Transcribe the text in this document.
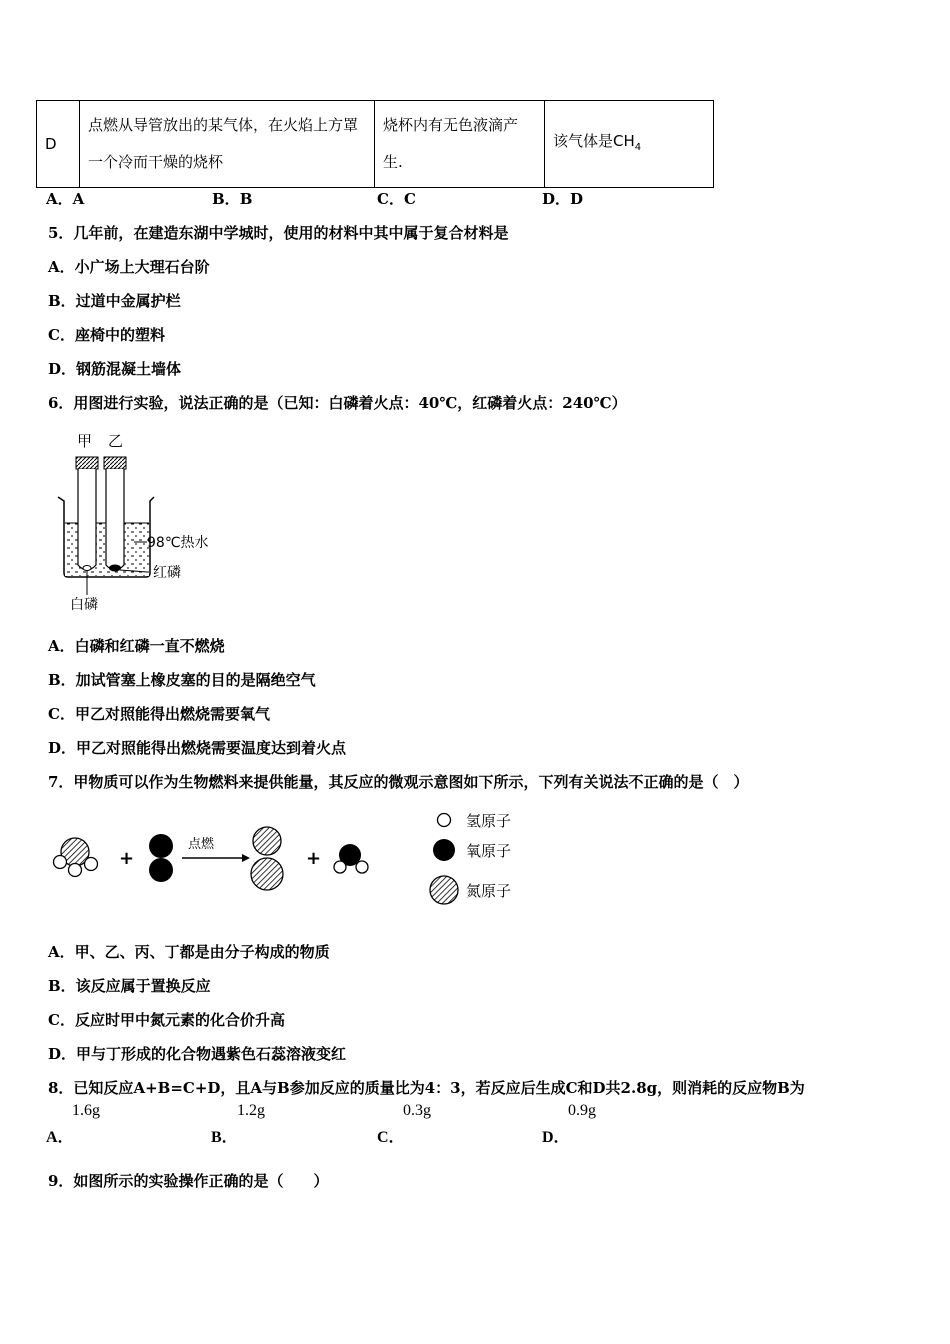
D	点燃从导管放出的某气体，在火焰上方罩一个冷而干燥的烧杯	烧杯内有无色液滴产生.	该气体是$CH_4$
A．A	B．B	C．C	D．D
5．几年前，在建造东湖中学城时，使用的材料中其中属于复合材料是
A．小广场上大理石台阶
B．过道中金属护栏
C．座椅中的塑料
D．钢筋混凝土墙体
6．用图进行实验，说法正确的是（已知：白磷着火点：40℃，红磷着火点：240℃）
甲 乙
98℃热水
红磷
白磷
A．白磷和红磷一直不燃烧
B．加试管塞上橡皮塞的目的是隔绝空气
C．甲乙对照能得出燃烧需要氧气
D．甲乙对照能得出燃烧需要温度达到着火点
7．甲物质可以作为生物燃料来提供能量，其反应的微观示意图如下所示，下列有关说法不正确的是（　）
+
点燃
+
氢原子
氧原子
氮原子
A．甲、乙、丙、丁都是由分子构成的物质
B．该反应属于置换反应
C．反应时甲中氮元素的化合价升高
D．甲与丁形成的化合物遇紫色石蕊溶液变红
8．已知反应A+B=C+D，且A与B参加反应的质量比为4：3，若反应后生成C和D共2.8g，则消耗的反应物B为
A．
1.6g
B．
1.2g
C．
0.3g
D．
0.9g
9．如图所示的实验操作正确的是（　　）
